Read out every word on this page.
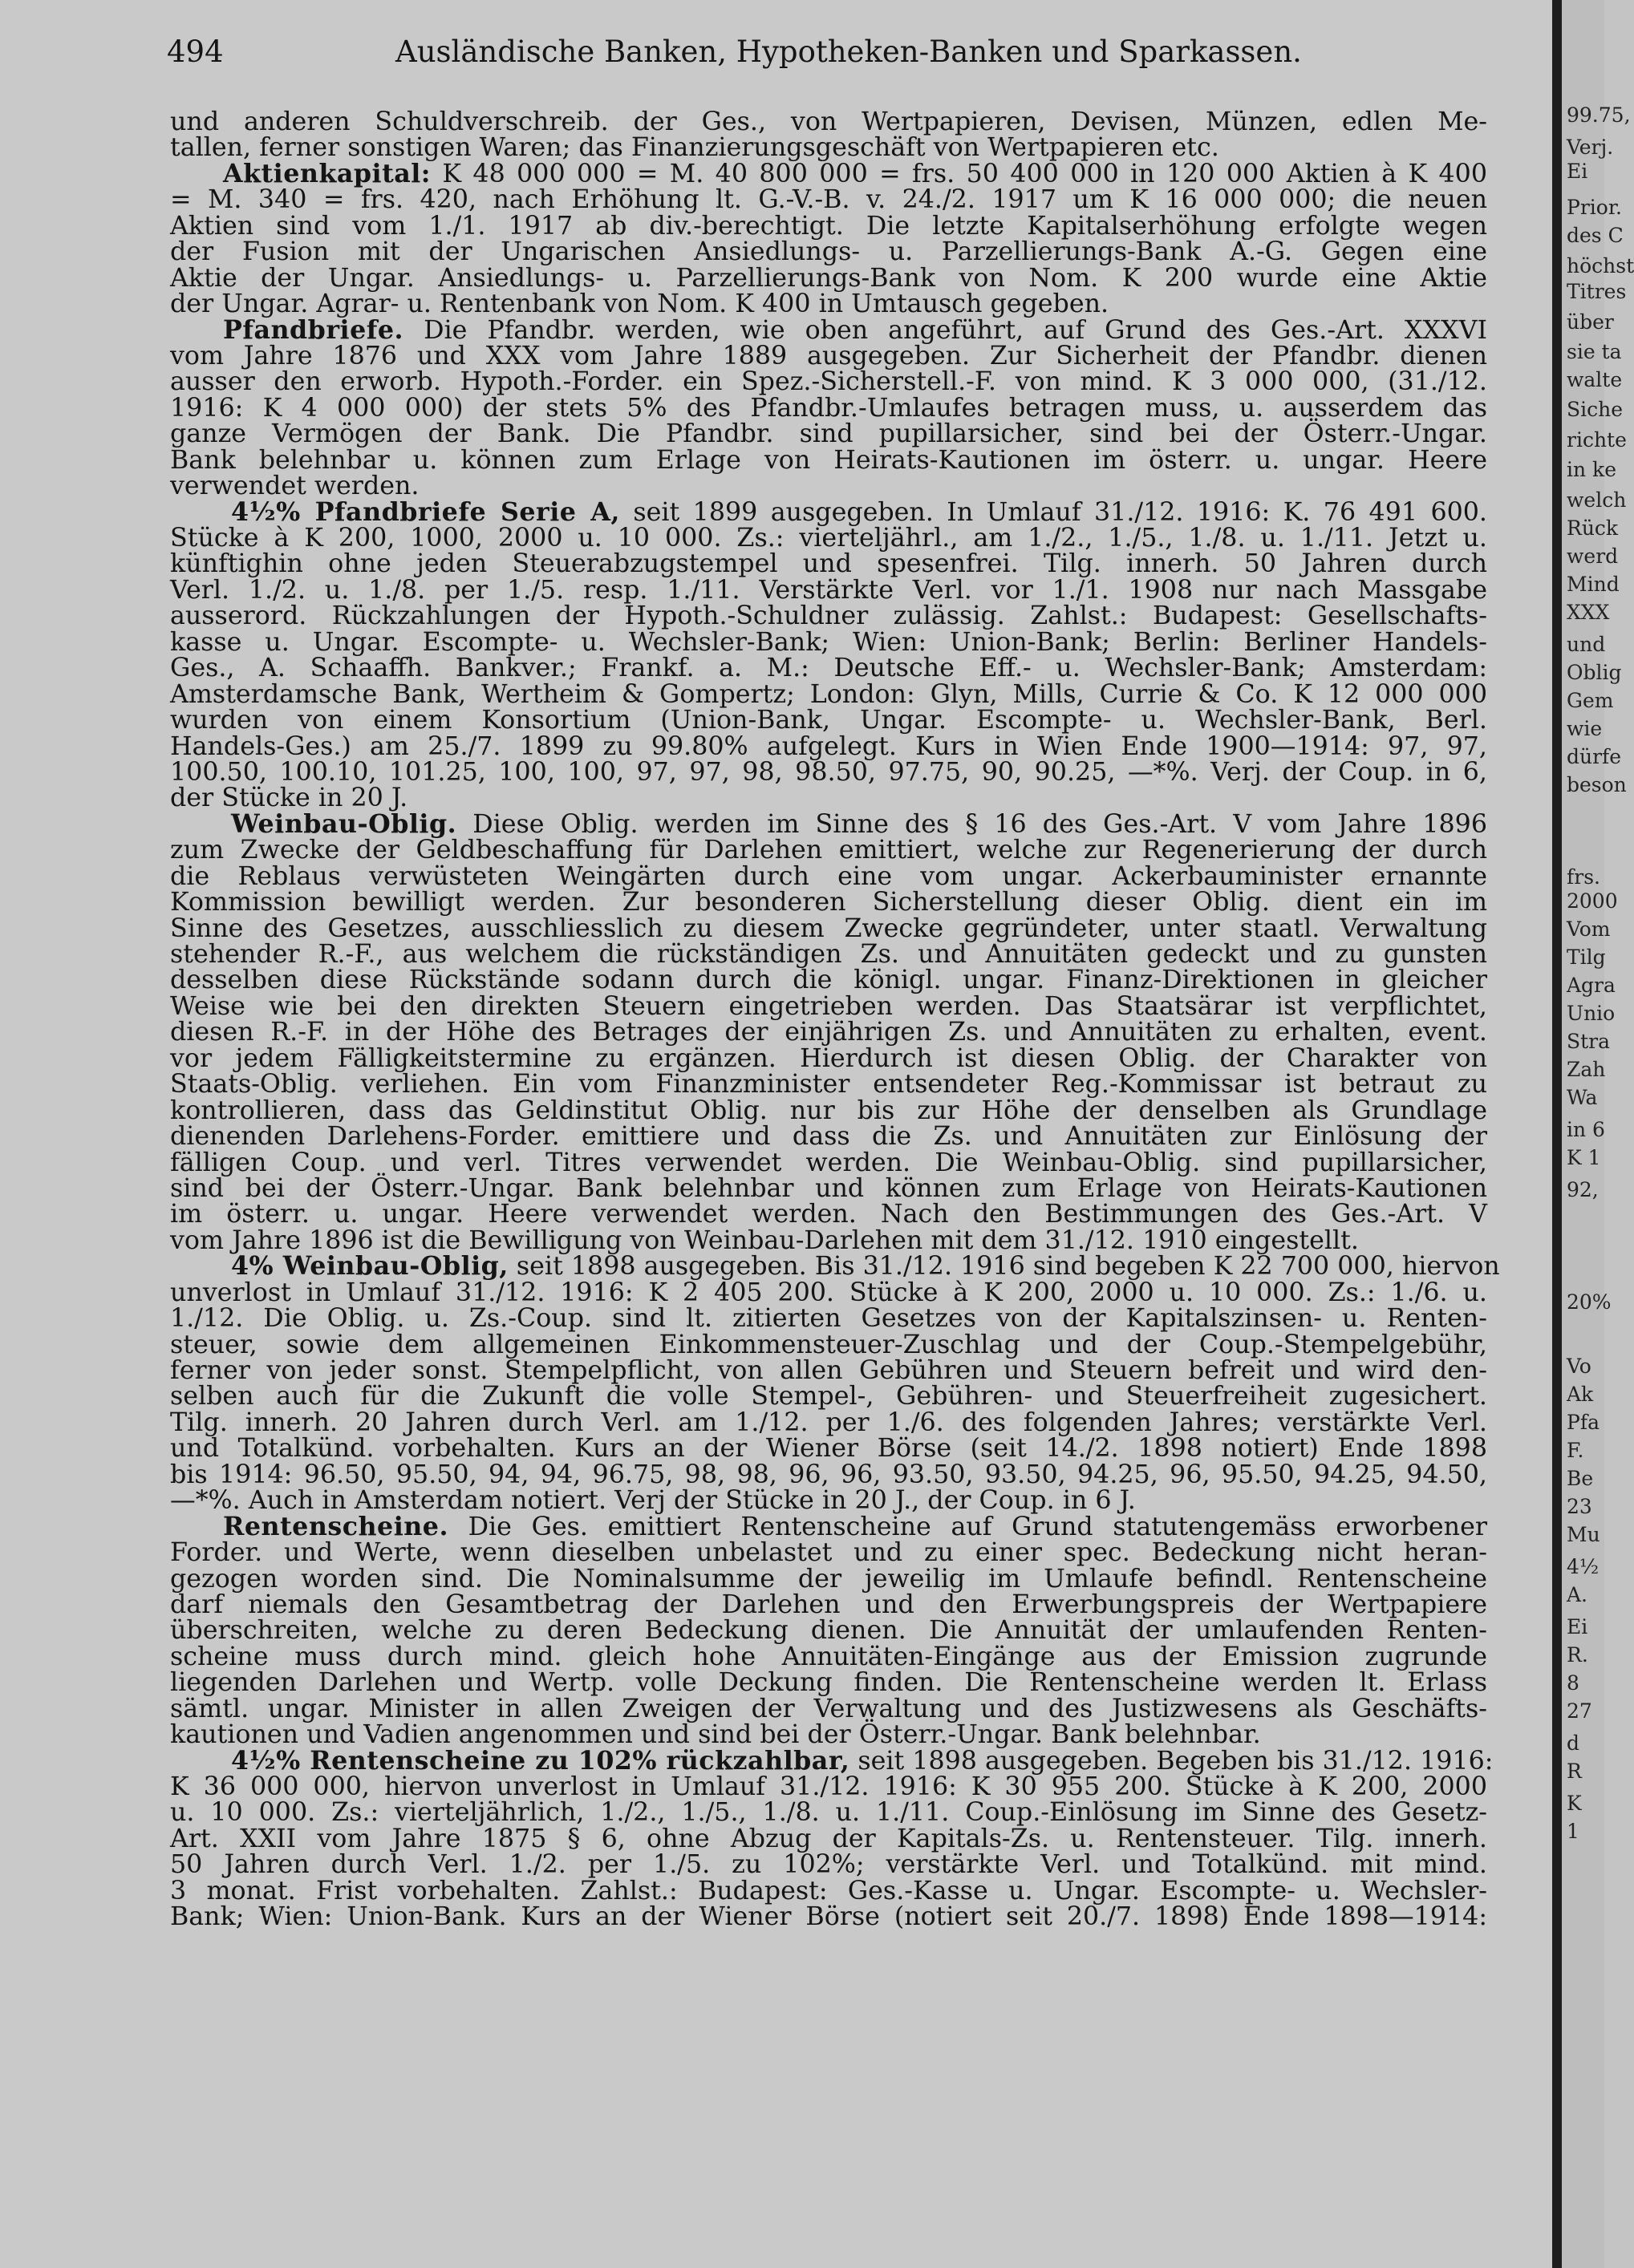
494	Ausländische Banken, Hypotheken-Banken und Sparkassen.
und anderen Schuldverschreib. der Ges., von Wertpapieren, Devisen, Münzen, edlen Me-
tallen, ferner sonstigen Waren; das Finanzierungsgeschäft von Wertpapieren etc.
Aktienkapital: K 48 000 000 = M. 40 800 000 = frs. 50 400 000 in 120 000 Aktien à K 400
= M. 340 = frs. 420, nach Erhöhung lt. G.-V.-B. v. 24./2. 1917 um K 16 000 000; die neuen
Aktien sind vom 1./1. 1917 ab div.-berechtigt. Die letzte Kapitalserhöhung erfolgte wegen
der Fusion mit der Ungarischen Ansiedlungs- u. Parzellierungs-Bank A.-G. Gegen eine
Aktie der Ungar. Ansiedlungs- u. Parzellierungs-Bank von Nom. K 200 wurde eine Aktie
der Ungar. Agrar- u. Rentenbank von Nom. K 400 in Umtausch gegeben.
Pfandbriefe. Die Pfandbr. werden, wie oben angeführt, auf Grund des Ges.-Art. XXXVI
vom Jahre 1876 und XXX vom Jahre 1889 ausgegeben. Zur Sicherheit der Pfandbr. dienen
ausser den erworb. Hypoth.-Forder. ein Spez.-Sicherstell.-F. von mind. K 3 000 000, (31./12.
1916: K 4 000 000) der stets 5% des Pfandbr.-Umlaufes betragen muss, u. ausserdem das
ganze Vermögen der Bank. Die Pfandbr. sind pupillarsicher, sind bei der Österr.-Ungar.
Bank belehnbar u. können zum Erlage von Heirats-Kautionen im österr. u. ungar. Heere
verwendet werden.
4½% Pfandbriefe Serie A, seit 1899 ausgegeben. In Umlauf 31./12. 1916: K. 76 491 600.
Stücke à K 200, 1000, 2000 u. 10 000. Zs.: vierteljährl., am 1./2., 1./5., 1./8. u. 1./11. Jetzt u.
künftighin ohne jeden Steuerabzugstempel und spesenfrei. Tilg. innerh. 50 Jahren durch
Verl. 1./2. u. 1./8. per 1./5. resp. 1./11. Verstärkte Verl. vor 1./1. 1908 nur nach Massgabe
ausserord. Rückzahlungen der Hypoth.-Schuldner zulässig. Zahlst.: Budapest: Gesellschafts-
kasse u. Ungar. Escompte- u. Wechsler-Bank; Wien: Union-Bank; Berlin: Berliner Handels-
Ges., A. Schaaffh. Bankver.; Frankf. a. M.: Deutsche Eff.- u. Wechsler-Bank; Amsterdam:
Amsterdamsche Bank, Wertheim & Gompertz; London: Glyn, Mills, Currie & Co. K 12 000 000
wurden von einem Konsortium (Union-Bank, Ungar. Escompte- u. Wechsler-Bank, Berl.
Handels-Ges.) am 25./7. 1899 zu 99.80% aufgelegt. Kurs in Wien Ende 1900—1914: 97, 97,
100.50, 100.10, 101.25, 100, 100, 97, 97, 98, 98.50, 97.75, 90, 90.25, —*%. Verj. der Coup. in 6,
der Stücke in 20 J.
Weinbau-Oblig. Diese Oblig. werden im Sinne des § 16 des Ges.-Art. V vom Jahre 1896
zum Zwecke der Geldbeschaffung für Darlehen emittiert, welche zur Regenerierung der durch
die Reblaus verwüsteten Weingärten durch eine vom ungar. Ackerbauminister ernannte
Kommission bewilligt werden. Zur besonderen Sicherstellung dieser Oblig. dient ein im
Sinne des Gesetzes, ausschliesslich zu diesem Zwecke gegründeter, unter staatl. Verwaltung
stehender R.-F., aus welchem die rückständigen Zs. und Annuitäten gedeckt und zu gunsten
desselben diese Rückstände sodann durch die königl. ungar. Finanz-Direktionen in gleicher
Weise wie bei den direkten Steuern eingetrieben werden. Das Staatsärar ist verpflichtet,
diesen R.-F. in der Höhe des Betrages der einjährigen Zs. und Annuitäten zu erhalten, event.
vor jedem Fälligkeitstermine zu ergänzen. Hierdurch ist diesen Oblig. der Charakter von
Staats-Oblig. verliehen. Ein vom Finanzminister entsendeter Reg.-Kommissar ist betraut zu
kontrollieren, dass das Geldinstitut Oblig. nur bis zur Höhe der denselben als Grundlage
dienenden Darlehens-Forder. emittiere und dass die Zs. und Annuitäten zur Einlösung der
fälligen Coup. und verl. Titres verwendet werden. Die Weinbau-Oblig. sind pupillarsicher,
sind bei der Österr.-Ungar. Bank belehnbar und können zum Erlage von Heirats-Kautionen
im österr. u. ungar. Heere verwendet werden. Nach den Bestimmungen des Ges.-Art. V
vom Jahre 1896 ist die Bewilligung von Weinbau-Darlehen mit dem 31./12. 1910 eingestellt.
4% Weinbau-Oblig, seit 1898 ausgegeben. Bis 31./12. 1916 sind begeben K 22 700 000, hiervon
unverlost in Umlauf 31./12. 1916: K 2 405 200. Stücke à K 200, 2000 u. 10 000. Zs.: 1./6. u.
1./12. Die Oblig. u. Zs.-Coup. sind lt. zitierten Gesetzes von der Kapitalszinsen- u. Renten-
steuer, sowie dem allgemeinen Einkommensteuer-Zuschlag und der Coup.-Stempelgebühr,
ferner von jeder sonst. Stempelpflicht, von allen Gebühren und Steuern befreit und wird den-
selben auch für die Zukunft die volle Stempel-, Gebühren- und Steuerfreiheit zugesichert.
Tilg. innerh. 20 Jahren durch Verl. am 1./12. per 1./6. des folgenden Jahres; verstärkte Verl.
und Totalkünd. vorbehalten. Kurs an der Wiener Börse (seit 14./2. 1898 notiert) Ende 1898
bis 1914: 96.50, 95.50, 94, 94, 96.75, 98, 98, 96, 96, 93.50, 93.50, 94.25, 96, 95.50, 94.25, 94.50,
—*%. Auch in Amsterdam notiert. Verj der Stücke in 20 J., der Coup. in 6 J.
Rentenscheine. Die Ges. emittiert Rentenscheine auf Grund statutengemäss erworbener
Forder. und Werte, wenn dieselben unbelastet und zu einer spec. Bedeckung nicht heran-
gezogen worden sind. Die Nominalsumme der jeweilig im Umlaufe befindl. Rentenscheine
darf niemals den Gesamtbetrag der Darlehen und den Erwerbungspreis der Wertpapiere
überschreiten, welche zu deren Bedeckung dienen. Die Annuität der umlaufenden Renten-
scheine muss durch mind. gleich hohe Annuitäten-Eingänge aus der Emission zugrunde
liegenden Darlehen und Wertp. volle Deckung finden. Die Rentenscheine werden lt. Erlass
sämtl. ungar. Minister in allen Zweigen der Verwaltung und des Justizwesens als Geschäfts-
kautionen und Vadien angenommen und sind bei der Österr.-Ungar. Bank belehnbar.
4½% Rentenscheine zu 102% rückzahlbar, seit 1898 ausgegeben. Begeben bis 31./12. 1916:
K 36 000 000, hiervon unverlost in Umlauf 31./12. 1916: K 30 955 200. Stücke à K 200, 2000
u. 10 000. Zs.: vierteljährlich, 1./2., 1./5., 1./8. u. 1./11. Coup.-Einlösung im Sinne des Gesetz-
Art. XXII vom Jahre 1875 § 6, ohne Abzug der Kapitals-Zs. u. Rentensteuer. Tilg. innerh.
50 Jahren durch Verl. 1./2. per 1./5. zu 102%; verstärkte Verl. und Totalkünd. mit mind.
3 monat. Frist vorbehalten. Zahlst.: Budapest: Ges.-Kasse u. Ungar. Escompte- u. Wechsler-
Bank; Wien: Union-Bank. Kurs an der Wiener Börse (notiert seit 20./7. 1898) Ende 1898—1914:
99.75,
Verj.
Ei
Prior.
des C
höchst
Titres
über
sie ta
walte
Siche
richte
in ke
welch
Rück
werd
Mind
XXX
und
Oblig
Gem
wie
dürfe
beson
frs.
2000
Vom
Tilg
Agra
Unio
Stra
Zah
Wa
in 6
K 1
92,
20%
Vo
Ak
Pfa
F.
Be
23
Mu
4½
A.
Ei
R.
8
27
d
R
K
1
